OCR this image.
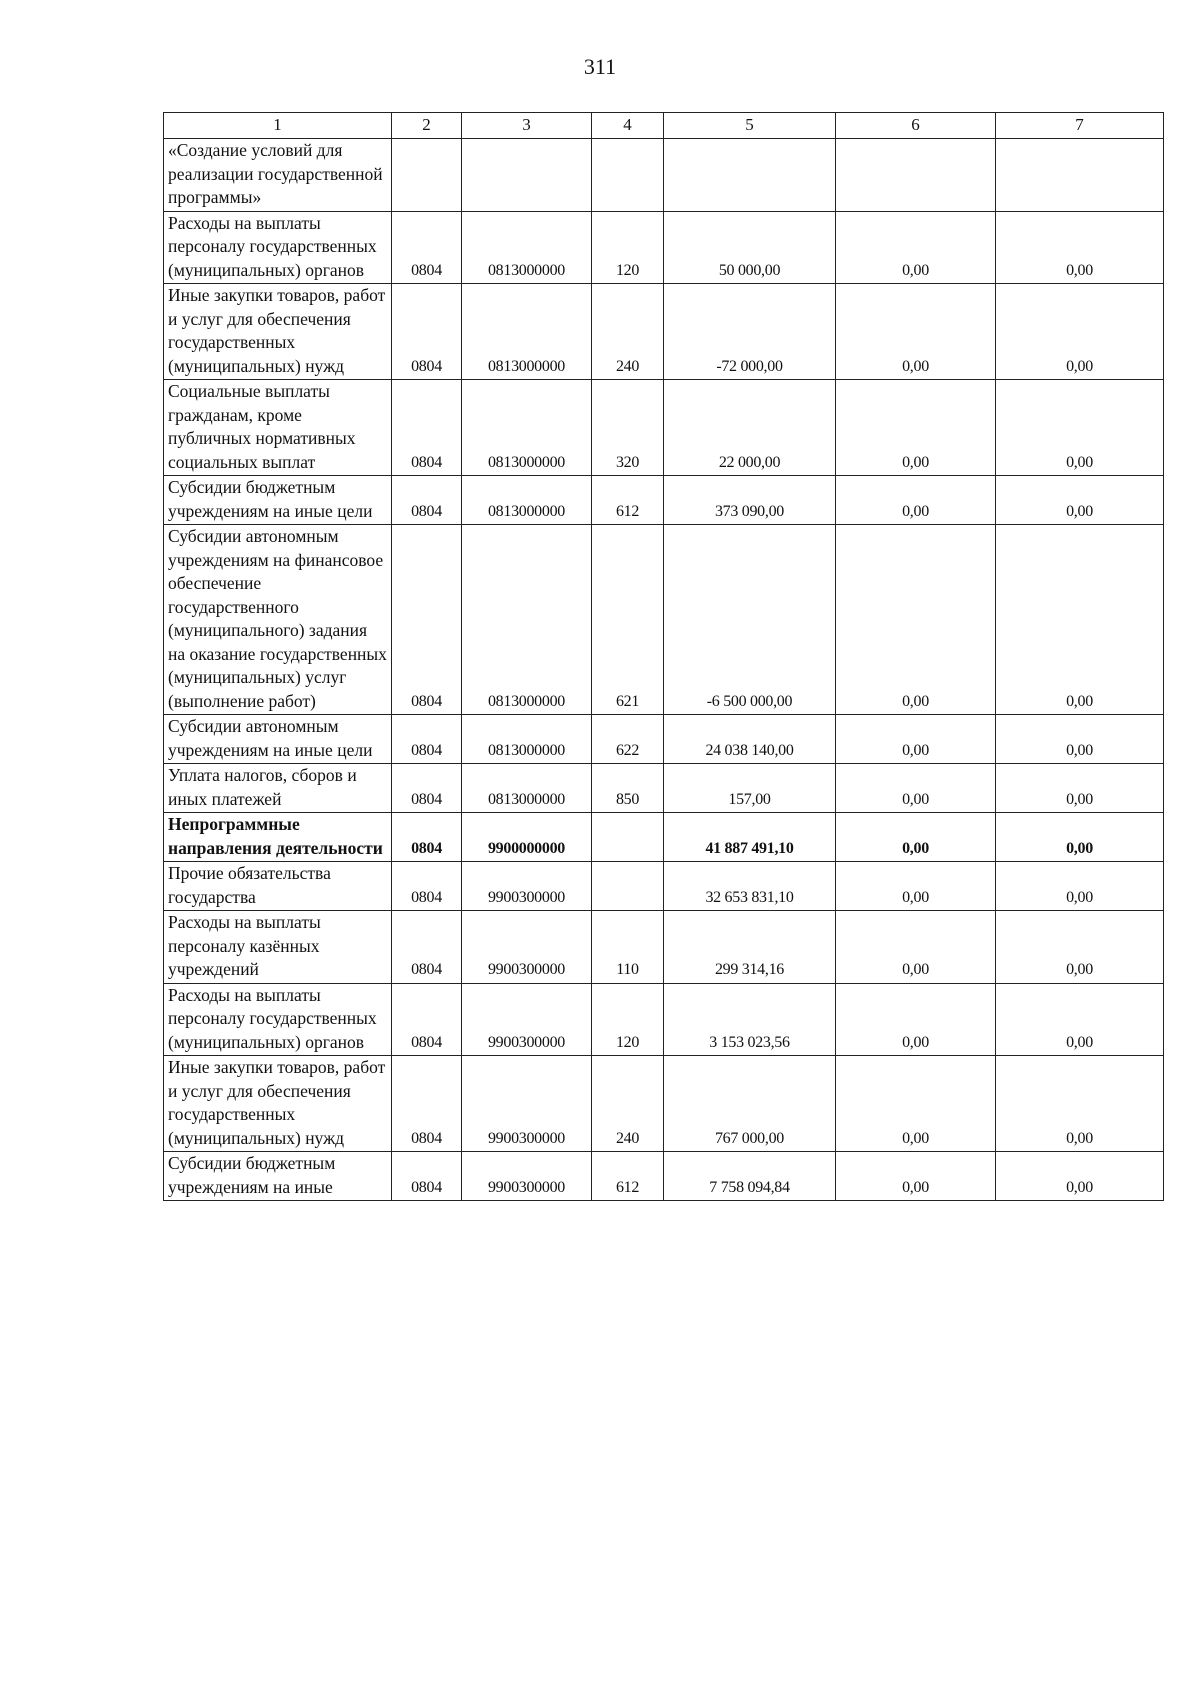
311
1	2	3	4	5	6	7
«Создание условий для реализации государственной программы»						
Расходы на выплаты персоналу государственных (муниципальных) органов	0804	0813000000	120	50 000,00	0,00	0,00
Иные закупки товаров, работ и услуг для обеспечения государственных (муниципальных) нужд	0804	0813000000	240	-72 000,00	0,00	0,00
Социальные выплаты гражданам, кроме публичных нормативных социальных выплат	0804	0813000000	320	22 000,00	0,00	0,00
Субсидии бюджетным учреждениям на иные цели	0804	0813000000	612	373 090,00	0,00	0,00
Субсидии автономным учреждениям на финансовое обеспечение государственного (муниципального) задания на оказание государственных (муниципальных) услуг (выполнение работ)	0804	0813000000	621	-6 500 000,00	0,00	0,00
Субсидии автономным учреждениям на иные цели	0804	0813000000	622	24 038 140,00	0,00	0,00
Уплата налогов, сборов и иных платежей	0804	0813000000	850	157,00	0,00	0,00
Непрограммные направления деятельности	0804	9900000000		41 887 491,10	0,00	0,00
Прочие обязательства государства	0804	9900300000		32 653 831,10	0,00	0,00
Расходы на выплаты персоналу казённых учреждений	0804	9900300000	110	299 314,16	0,00	0,00
Расходы на выплаты персоналу государственных (муниципальных) органов	0804	9900300000	120	3 153 023,56	0,00	0,00
Иные закупки товаров, работ и услуг для обеспечения государственных (муниципальных) нужд	0804	9900300000	240	767 000,00	0,00	0,00
Субсидии бюджетным учреждениям на иные	0804	9900300000	612	7 758 094,84	0,00	0,00
